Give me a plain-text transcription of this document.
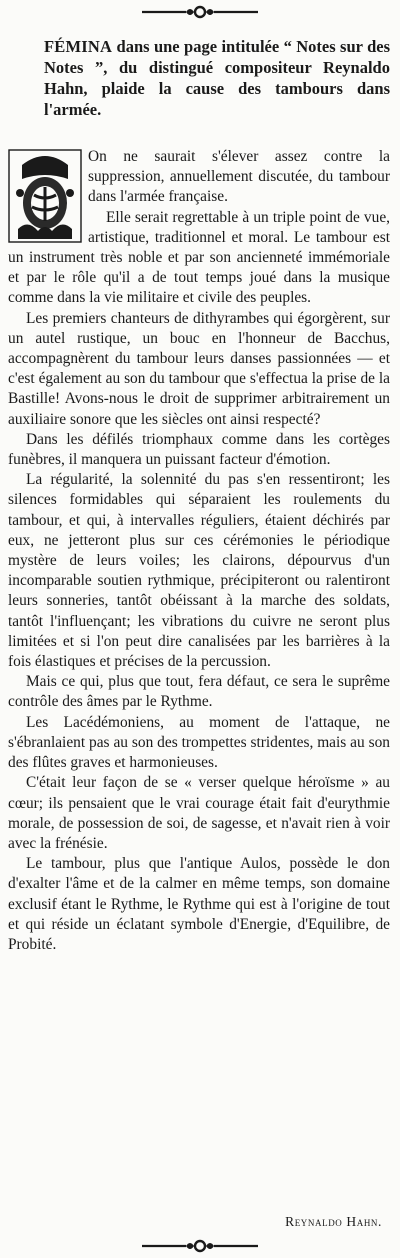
FÉMINA dans une page intitulée “ Notes sur des Notes ”, du distingué compositeur Reynaldo Hahn, plaide la cause des tambours dans l'armée.

On ne saurait s'élever assez contre la suppression, annuellement discutée, du tambour dans l'armée française.

Elle serait regrettable à un triple point de vue, artistique, traditionnel et moral. Le tambour est un instrument très noble et par son ancienneté immémoriale et par le rôle qu'il a de tout temps joué dans la musique comme dans la vie militaire et civile des peuples.

Les premiers chanteurs de dithyrambes qui égorgèrent, sur un autel rustique, un bouc en l'honneur de Bacchus, accompagnèrent du tambour leurs danses passionnées — et c'est également au son du tambour que s'effectua la prise de la Bastille! Avons-nous le droit de supprimer arbitrairement un auxiliaire sonore que les siècles ont ainsi respecté?

Dans les défilés triomphaux comme dans les cortèges funèbres, il manquera un puissant facteur d'émotion.

La régularité, la solennité du pas s'en ressentiront; les silences formidables qui séparaient les roulements du tambour, et qui, à intervalles réguliers, étaient déchirés par eux, ne jetteront plus sur ces cérémonies le périodique mystère de leurs voiles; les clairons, dépourvus d'un incomparable soutien rythmique, précipiteront ou ralentiront leurs sonneries, tantôt obéissant à la marche des soldats, tantôt l'influençant; les vibrations du cuivre ne seront plus limitées et si l'on peut dire canalisées par les barrières à la fois élastiques et précises de la percussion.

Mais ce qui, plus que tout, fera défaut, ce sera le suprême contrôle des âmes par le Rythme.

Les Lacédémoniens, au moment de l'attaque, ne s'ébranlaient pas au son des trompettes stridentes, mais au son des flûtes graves et harmonieuses.

C'était leur façon de se « verser quelque héroïsme » au cœur; ils pensaient que le vrai courage était fait d'eurythmie morale, de possession de soi, de sagesse, et n'avait rien à voir avec la frénésie.

Le tambour, plus que l'antique Aulos, possède le don d'exalter l'âme et de la calmer en même temps, son domaine exclusif étant le Rythme, le Rythme qui est à l'origine de tout et qui réside un éclatant symbole d'Energie, d'Equilibre, de Probité.

Reynaldo Hahn.
